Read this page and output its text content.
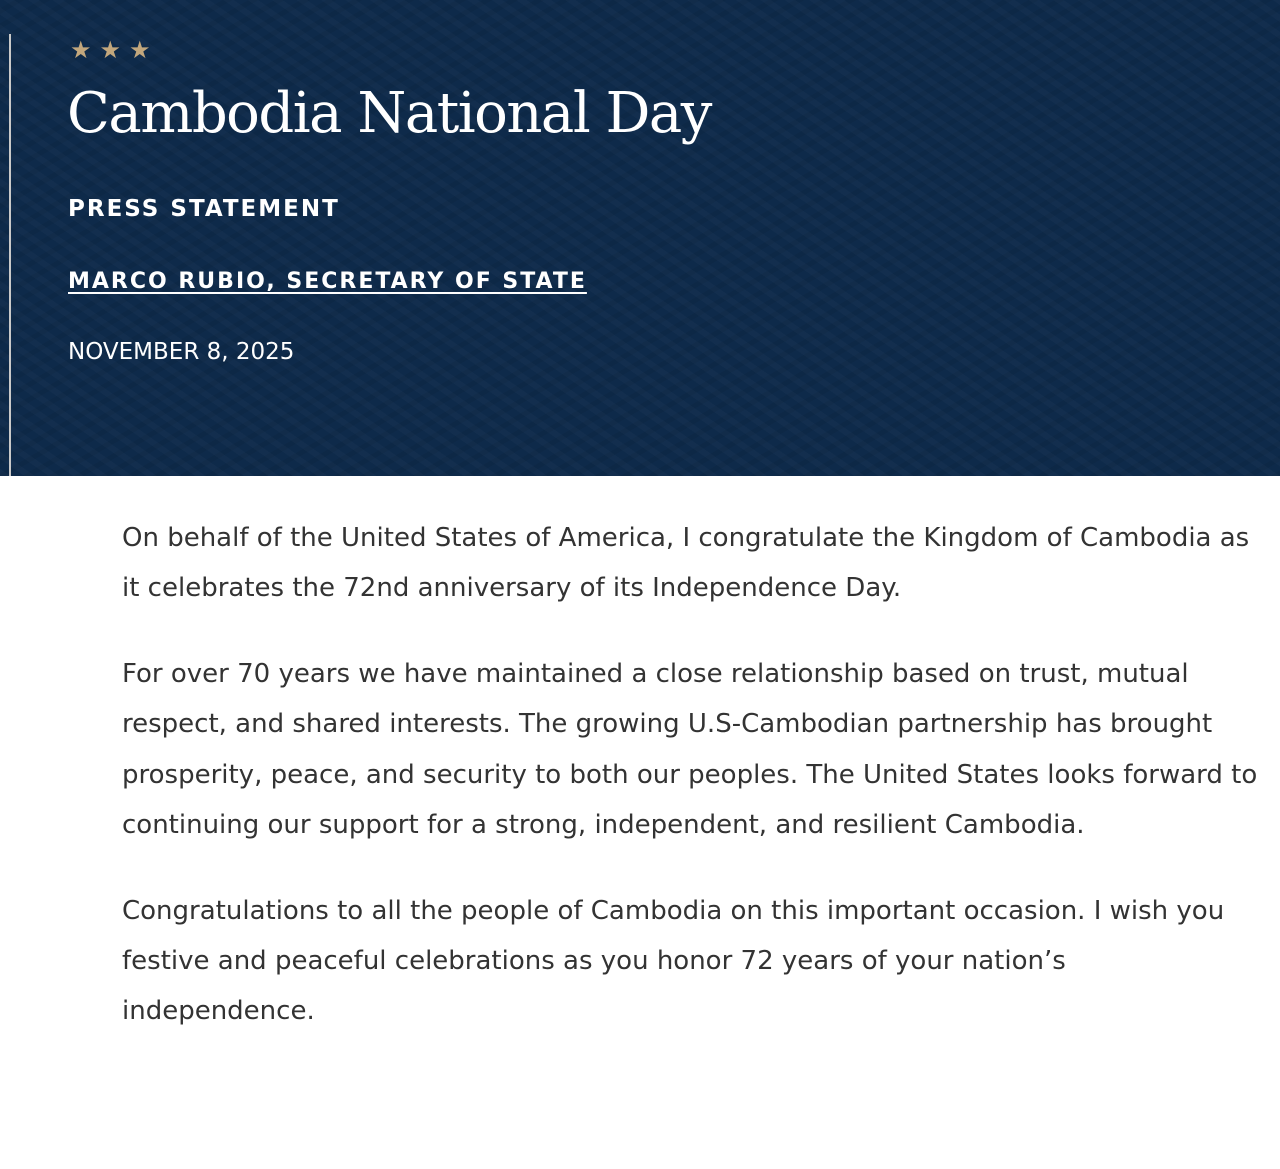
★ ★ ★
Cambodia National Day
PRESS STATEMENT
MARCO RUBIO, SECRETARY OF STATE
NOVEMBER 8, 2025

On behalf of the United States of America, I congratulate the Kingdom of Cambodia as it celebrates the 72nd anniversary of its Independence Day.

For over 70 years we have maintained a close relationship based on trust, mutual respect, and shared interests. The growing U.S-Cambodian partnership has brought prosperity, peace, and security to both our peoples. The United States looks forward to continuing our support for a strong, independent, and resilient Cambodia.

Congratulations to all the people of Cambodia on this important occasion. I wish you festive and peaceful celebrations as you honor 72 years of your nation’s independence.
